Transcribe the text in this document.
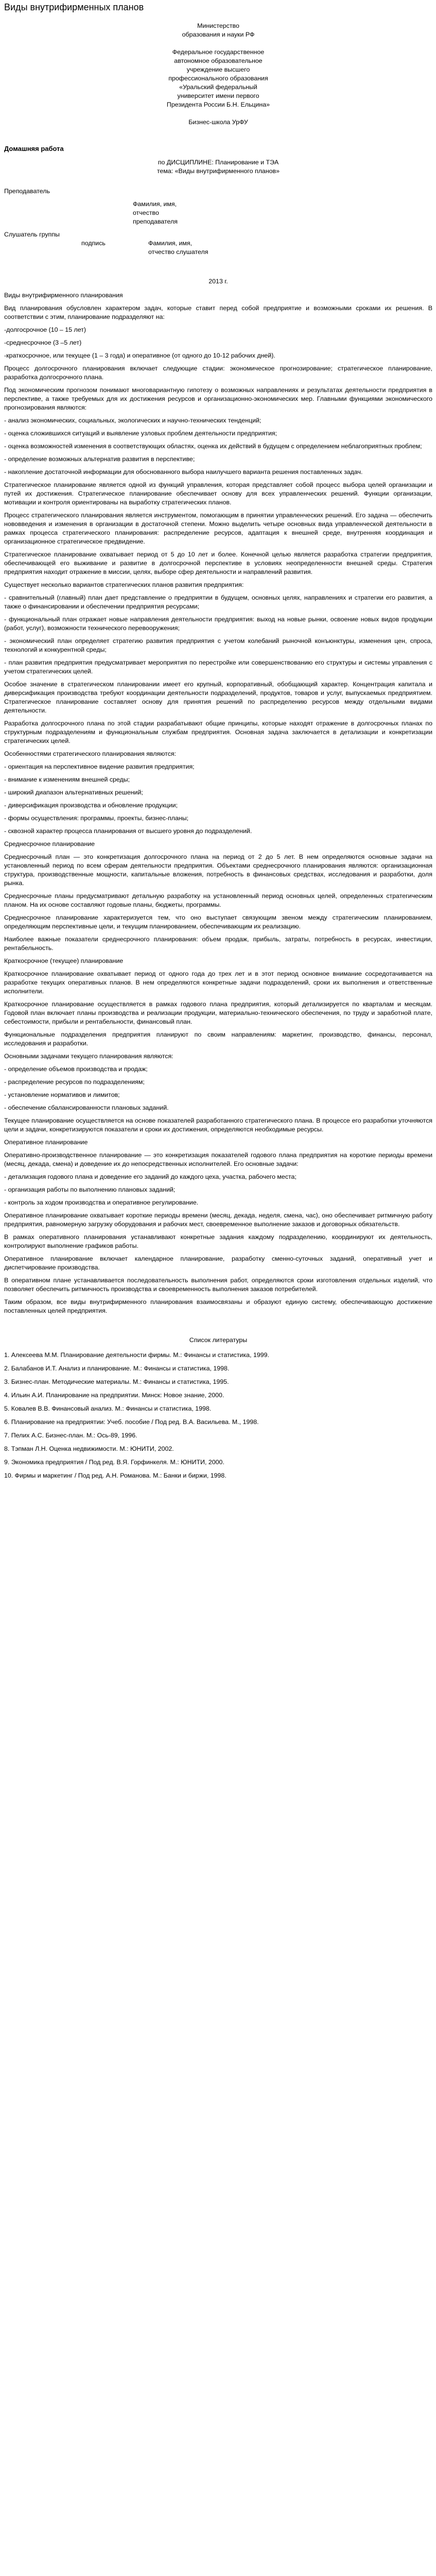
Виды внутрифирменных планов
Министерство
образования и науки РФ
Федеральное государственное
автономное образовательное
учреждение высшего
профессионального образования
«Уральский федеральный
университет имени первого
Президента России Б.Н. Ельцина»
Бизнес-школа УрФУ
Домашняя работа
по ДИСЦИПЛИНЕ: Планирование и ТЭА
тема: «Виды внутрифирменного планов»
Преподаватель
Фамилия, имя,
отчество
преподавателя
Слушатель группы
подпись	Фамилия, имя,
отчество слушателя
2013 г.

Виды внутрифирменного планирования

Вид планирования обусловлен характером задач, которые ставит перед собой предприятие и возможными сроками их решения. В соответствии с этим, планирование подразделяют на:

-долгосрочное (10 – 15 лет)

-среднесрочное (3 –5 лет)

-краткосрочное, или текущее (1 – 3 года) и оперативное (от одного до 10-12 рабочих дней).

Процесс долгосрочного планирования включает следующие стадии: экономическое прогнозирование; стратегическое планирование, разработка долгосрочного плана.

Под экономическим прогнозом понимают многовариантную гипотезу о возможных направлениях и результатах деятельности предприятия в перспективе, а также требуемых для их достижения ресурсов и организационно-экономических мер. Главными функциями экономического прогнозирования являются:

- анализ экономических, социальных, экологических и научно-технических тенденций;

- оценка сложившихся ситуаций и выявление узловых проблем деятельности предприятия;

- оценка возможностей изменения в соответствующих областях, оценка их действий в будущем с определением неблагоприятных проблем;

- определение возможных альтернатив развития в перспективе;

- накопление достаточной информации для обоснованного выбора наилучшего варианта решения поставленных задач.

Стратегическое планирование является одной из функций управления, которая представляет собой процесс выбора целей организации и путей их достижения. Стратегическое планирование обеспечивает основу для всех управленческих решений. Функции организации, мотивации и контроля ориентированы на выработку стратегических планов.

Процесс стратегического планирования является инструментом, помогающим в принятии управленческих решений. Его задача — обеспечить нововведения и изменения в организации в достаточной степени. Можно выделить четыре основных вида управленческой деятельности в рамках процесса стратегического планирования: распределение ресурсов, адаптация к внешней среде, внутренняя координация и организационное стратегическое предвидение.

Стратегическое планирование охватывает период от 5 до 10 лет и более. Конечной целью является разработка стратегии предприятия, обеспечивающей его выживание и развитие в долгосрочной перспективе в условиях неопределенности внешней среды. Стратегия предприятия находит отражение в миссии, целях, выборе сфер деятельности и направлений развития.

Существует несколько вариантов стратегических планов развития предприятия:

- сравнительный (главный) план дает представление о предприятии в будущем, основных целях, направлениях и стратегии его развития, а также о финансировании и обеспечении предприятия ресурсами;

- функциональный план отражает новые направления деятельности предприятия: выход на новые рынки, освоение новых видов продукции (работ, услуг), возможности технического перевооружения;

- экономический план определяет стратегию развития предприятия с учетом колебаний рыночной конъюнктуры, изменения цен, спроса, технологий и конкурентной среды;

- план развития предприятия предусматривает мероприятия по перестройке или совершенствованию его структуры и системы управления с учетом стратегических целей.

Особое значение в стратегическом планировании имеет его крупный, корпоративный, обобщающий характер. Концентрация капитала и диверсификация производства требуют координации деятельности подразделений, продуктов, товаров и услуг, выпускаемых предприятием. Стратегическое планирование составляет основу для принятия решений по распределению ресурсов между отдельными видами деятельности.

Разработка долгосрочного плана по этой стадии разрабатывают общие принципы, которые находят отражение в долгосрочных планах по структурным подразделениям и функциональным службам предприятия. Основная задача заключается в детализации и конкретизации стратегических целей.

Особенностями стратегического планирования являются:

- ориентация на перспективное видение развития предприятия;

- внимание к изменениям внешней среды;

- широкий диапазон альтернативных решений;

- диверсификация производства и обновление продукции;

- формы осуществления: программы, проекты, бизнес-планы;

- сквозной характер процесса планирования от высшего уровня до подразделений.

Среднесрочное планирование

Среднесрочный план — это конкретизация долгосрочного плана на период от 2 до 5 лет. В нем определяются основные задачи на установленный период по всем сферам деятельности предприятия. Объектами среднесрочного планирования являются: организационная структура, производственные мощности, капитальные вложения, потребность в финансовых средствах, исследования и разработки, доля рынка.

Среднесрочные планы предусматривают детальную разработку на установленный период основных целей, определенных стратегическим планом. На их основе составляют годовые планы, бюджеты, программы.

Среднесрочное планирование характеризуется тем, что оно выступает связующим звеном между стратегическим планированием, определяющим перспективные цели, и текущим планированием, обеспечивающим их реализацию.

Наиболее важные показатели среднесрочного планирования: объем продаж, прибыль, затраты, потребность в ресурсах, инвестиции, рентабельность.

Краткосрочное (текущее) планирование

Краткосрочное планирование охватывает период от одного года до трех лет и в этот период основное внимание сосредотачивается на разработке текущих оперативных планов. В нем определяются конкретные задачи подразделений, сроки их выполнения и ответственные исполнители.

Краткосрочное планирование осуществляется в рамках годового плана предприятия, который детализируется по кварталам и месяцам. Годовой план включает планы производства и реализации продукции, материально-технического обеспечения, по труду и заработной плате, себестоимости, прибыли и рентабельности, финансовый план.

Функциональные подразделения предприятия планируют по своим направлениям: маркетинг, производство, финансы, персонал, исследования и разработки.

Основными задачами текущего планирования являются:

- определение объемов производства и продаж;

- распределение ресурсов по подразделениям;

- установление нормативов и лимитов;

- обеспечение сбалансированности плановых заданий.

Текущее планирование осуществляется на основе показателей разработанного стратегического плана. В процессе его разработки уточняются цели и задачи, конкретизируются показатели и сроки их достижения, определяются необходимые ресурсы.

Оперативное планирование

Оперативно-производственное планирование — это конкретизация показателей годового плана предприятия на короткие периоды времени (месяц, декада, смена) и доведение их до непосредственных исполнителей. Его основные задачи:

- детализация годового плана и доведение его заданий до каждого цеха, участка, рабочего места;

- организация работы по выполнению плановых заданий;

- контроль за ходом производства и оперативное регулирование.

Оперативное планирование охватывает короткие периоды времени (месяц, декада, неделя, смена, час), оно обеспечивает ритмичную работу предприятия, равномерную загрузку оборудования и рабочих мест, своевременное выполнение заказов и договорных обязательств.

В рамках оперативного планирования устанавливают конкретные задания каждому подразделению, координируют их деятельность, контролируют выполнение графиков работы.

Оперативное планирование включает календарное планирование, разработку сменно-суточных заданий, оперативный учет и диспетчирование производства.

В оперативном плане устанавливается последовательность выполнения работ, определяются сроки изготовления отдельных изделий, что позволяет обеспечить ритмичность производства и своевременность выполнения заказов потребителей.

Таким образом, все виды внутрифирменного планирования взаимосвязаны и образуют единую систему, обеспечивающую достижение поставленных целей предприятия.

Список литературы
1. Алексеева М.М. Планирование деятельности фирмы. М.: Финансы и статистика, 1999.
2. Балабанов И.Т. Анализ и планирование. М.: Финансы и статистика, 1998.
3. Бизнес-план. Методические материалы. М.: Финансы и статистика, 1995.
4. Ильин А.И. Планирование на предприятии. Минск: Новое знание, 2000.
5. Ковалев В.В. Финансовый анализ. М.: Финансы и статистика, 1998.
6. Планирование на предприятии: Учеб. пособие / Под ред. В.А. Васильева. М., 1998.
7. Пелих А.С. Бизнес-план. М.: Ось-89, 1996.
8. Тэпман Л.Н. Оценка недвижимости. М.: ЮНИТИ, 2002.
9. Экономика предприятия / Под ред. В.Я. Горфинкеля. М.: ЮНИТИ, 2000.
10. Фирмы и маркетинг / Под ред. А.Н. Романова. М.: Банки и биржи, 1998.
